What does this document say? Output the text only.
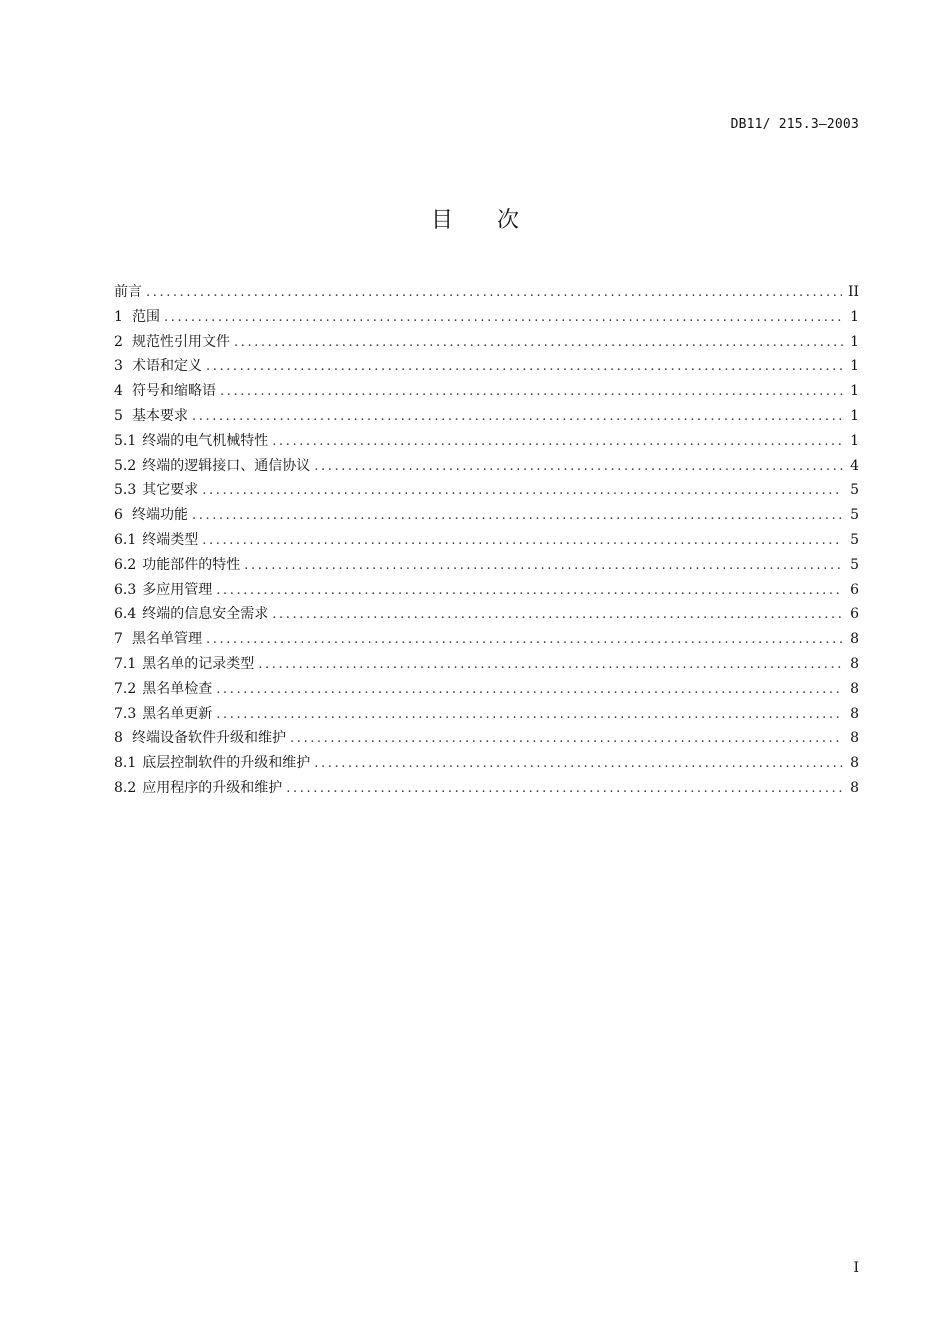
DB11/ 215.3—2003
目次
前言 .....	II
1 范围 .....	1
2 规范性引用文件 .....	1
3 术语和定义 .....	1
4 符号和缩略语 .....	1
5 基本要求 .....	1
5.1 终端的电气机械特性 .....	1
5.2 终端的逻辑接口、通信协议 .....	4
5.3 其它要求 .....	5
6 终端功能 .....	5
6.1 终端类型 .....	5
6.2 功能部件的特性 .....	5
6.3 多应用管理 .....	6
6.4 终端的信息安全需求 .....	6
7 黑名单管理 .....	8
7.1 黑名单的记录类型 .....	8
7.2 黑名单检查 .....	8
7.3 黑名单更新 .....	8
8 终端设备软件升级和维护 .....	8
8.1 底层控制软件的升级和维护 .....	8
8.2 应用程序的升级和维护 .....	8
I
